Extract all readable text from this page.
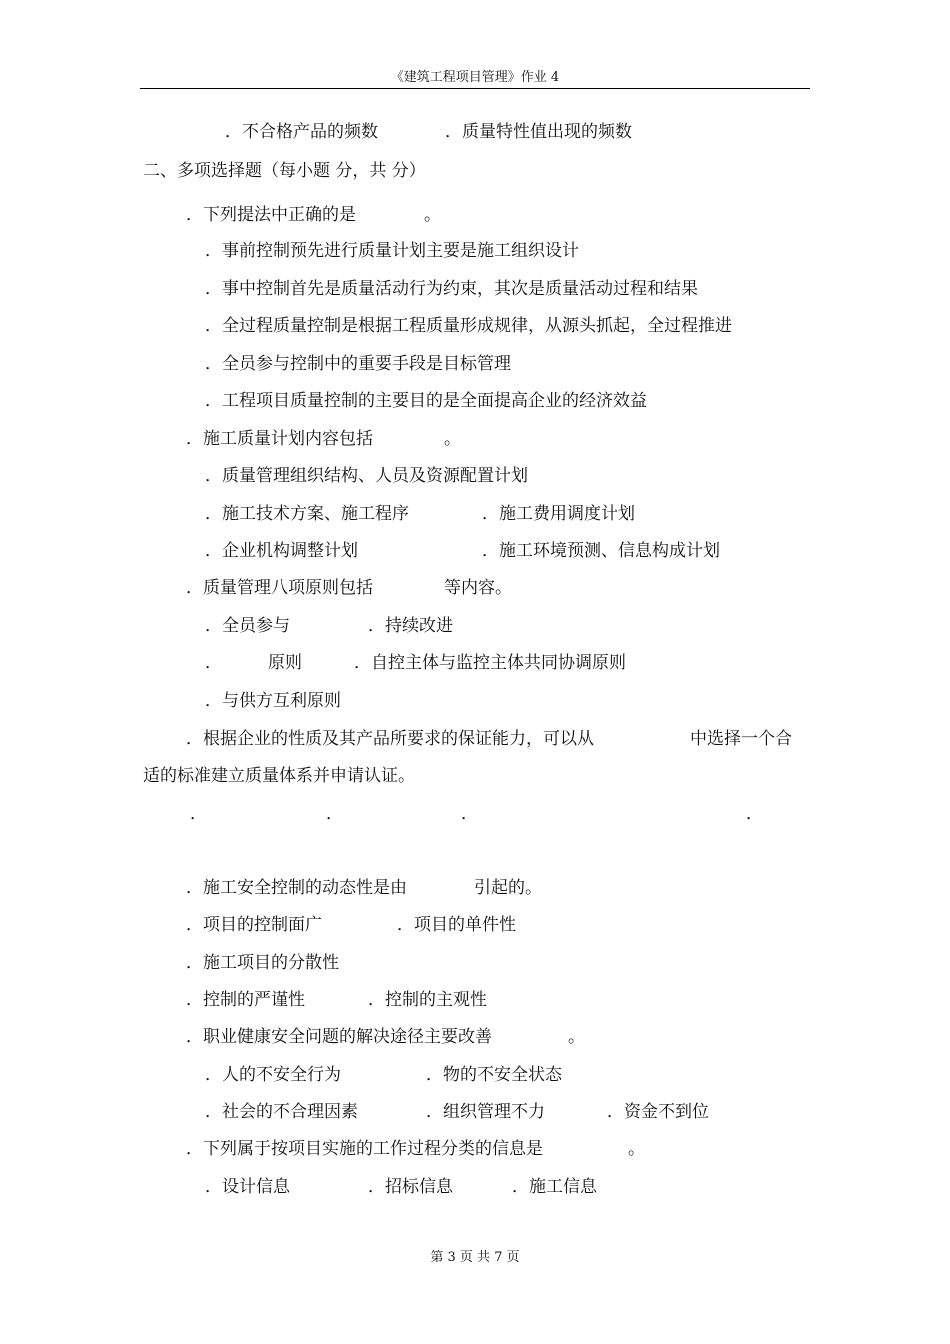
《建筑工程项目管理》作业 4
．不合格产品的频数	．质量特性值出现的频数
二、多项选择题（每小题 分，共 分）
．下列提法中正确的是	。
．事前控制预先进行质量计划主要是施工组织设计
．事中控制首先是质量活动行为约束，其次是质量活动过程和结果
．全过程质量控制是根据工程质量形成规律，从源头抓起，全过程推进
．全员参与控制中的重要手段是目标管理
．工程项目质量控制的主要目的是全面提高企业的经济效益
．施工质量计划内容包括	。
．质量管理组织结构、人员及资源配置计划
．施工技术方案、施工程序	．施工费用调度计划
．企业机构调整计划	．施工环境预测、信息构成计划
．质量管理八项原则包括	等内容。
．全员参与	．持续改进
．	原则	．自控主体与监控主体共同协调原则
．与供方互利原则
．根据企业的性质及其产品所要求的保证能力，可以从	中选择一个合
适的标准建立质量体系并申请认证。
．	．	．	．
．施工安全控制的动态性是由	引起的。
．项目的控制面广	．项目的单件性
．施工项目的分散性
．控制的严谨性	．控制的主观性
．职业健康安全问题的解决途径主要改善	。
．人的不安全行为	．物的不安全状态
．社会的不合理因素	．组织管理不力	．资金不到位
．下列属于按项目实施的工作过程分类的信息是	。
．设计信息	．招标信息	．施工信息
第 3 页 共 7 页
